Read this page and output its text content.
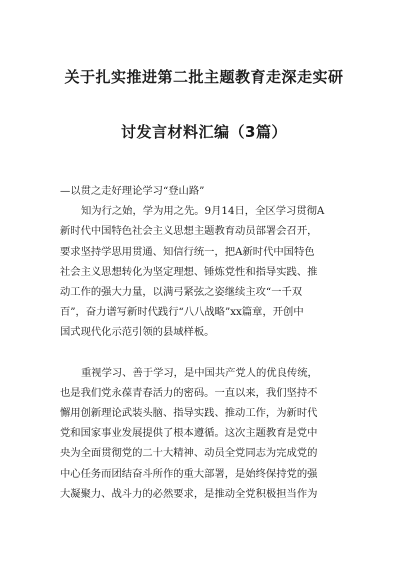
关于扎实推进第二批主题教育走深走实研
讨发言材料汇编（3篇）
—以贯之走好理论学习“登山路”
知为行之始，学为用之先。9月14日，全区学习贯彻A
新时代中国特色社会主义思想主题教育动员部署会召开，
要求坚持学思用贯通、知信行统一，把A新时代中国特色
社会主义思想转化为坚定理想、锤炼党性和指导实践、推
动工作的强大力量，以满弓紧弦之姿继续主攻“一千双
百”，奋力谱写新时代践行“八八战略”xx篇章，开创中
国式现代化示范引领的县域样板。
重视学习、善于学习，是中国共产党人的优良传统，
也是我们党永葆青春活力的密码。一直以来，我们坚持不
懈用创新理论武装头脑、指导实践、推动工作，为新时代
党和国家事业发展提供了根本遵循。这次主题教育是党中
央为全面贯彻党的二十大精神、动员全党同志为完成党的
中心任务而团结奋斗所作的重大部署，是始终保持党的强
大凝聚力、战斗力的必然要求，是推动全党积极担当作为
